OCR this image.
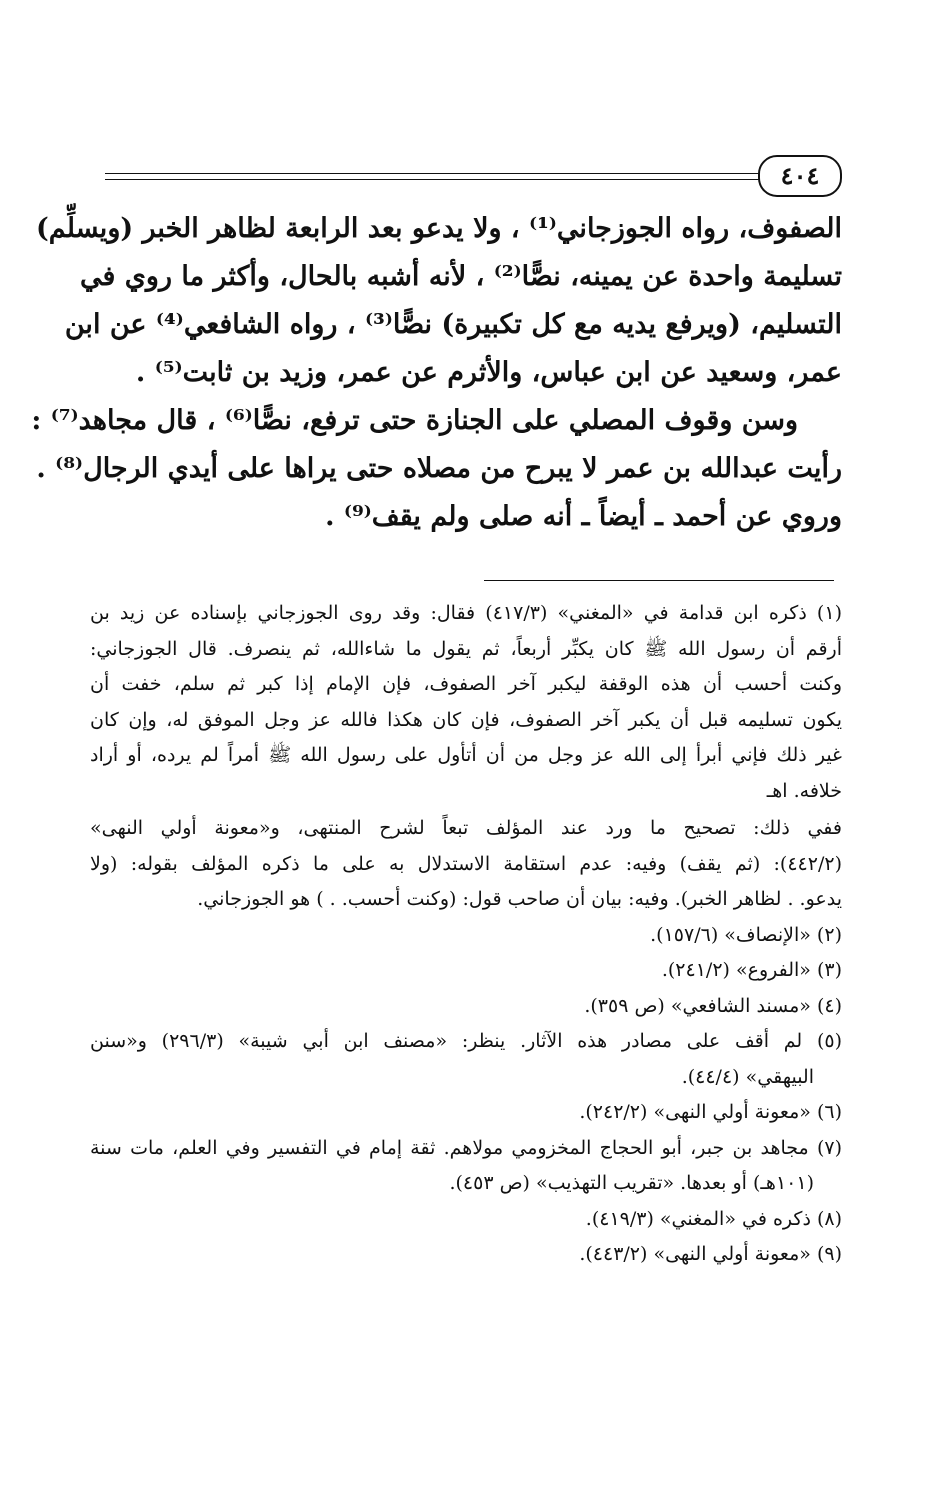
٤٠٤
الصفوف، رواه الجوزجاني⁽¹⁾ ، ولا يدعو بعد الرابعة لظاهر الخبر (ويسلِّم)
تسليمة واحدة عن يمينه، نصًّا⁽²⁾ ، لأنه أشبه بالحال، وأكثر ما روي في
التسليم، (ويرفع يديه مع كل تكبيرة) نصًّا⁽³⁾ ، رواه الشافعي⁽⁴⁾ عن ابن
عمر، وسعيد عن ابن عباس، والأثرم عن عمر، وزيد بن ثابت⁽⁵⁾ .
وسن وقوف المصلي على الجنازة حتى ترفع، نصًّا⁽⁶⁾ ، قال مجاهد⁽⁷⁾ :
رأيت عبدالله بن عمر لا يبرح من مصلاه حتى يراها على أيدي الرجال⁽⁸⁾ .
وروي عن أحمد ـ أيضاً ـ أنه صلى ولم يقف⁽⁹⁾ .
(١) ذكره ابن قدامة في «المغني» (٤١٧/٣) فقال: وقد روى الجوزجاني بإسناده عن زيد بن
أرقم أن رسول الله ﷺ كان يكبِّر أربعاً، ثم يقول ما شاءالله، ثم ينصرف. قال الجوزجاني:
وكنت أحسب أن هذه الوقفة ليكبر آخر الصفوف، فإن الإمام إذا كبر ثم سلم، خفت أن
يكون تسليمه قبل أن يكبر آخر الصفوف، فإن كان هكذا فالله عز وجل الموفق له، وإن كان
غير ذلك فإني أبرأ إلى الله عز وجل من أن أتأول على رسول الله ﷺ أمراً لم يرده، أو أراد
خلافه. اهـ
ففي ذلك: تصحيح ما ورد عند المؤلف تبعاً لشرح المنتهى، و«معونة أولي النهى»
(٤٤٢/٢): (ثم يقف) وفيه: عدم استقامة الاستدلال به على ما ذكره المؤلف بقوله: (ولا
يدعو. . لظاهر الخبر). وفيه: بيان أن صاحب قول: (وكنت أحسب. . ) هو الجوزجاني.
(٢) «الإنصاف» (١٥٧/٦).
(٣) «الفروع» (٢٤١/٢).
(٤) «مسند الشافعي» (ص ٣٥٩).
(٥) لم أقف على مصادر هذه الآثار. ينظر: «مصنف ابن أبي شيبة» (٢٩٦/٣) و«سنن
البيهقي» (٤٤/٤).
(٦) «معونة أولي النهى» (٢٤٢/٢).
(٧) مجاهد بن جبر، أبو الحجاج المخزومي مولاهم. ثقة إمام في التفسير وفي العلم، مات سنة
(١٠١هـ) أو بعدها. «تقريب التهذيب» (ص ٤٥٣).
(٨) ذكره في «المغني» (٤١٩/٣).
(٩) «معونة أولي النهى» (٤٤٣/٢).
